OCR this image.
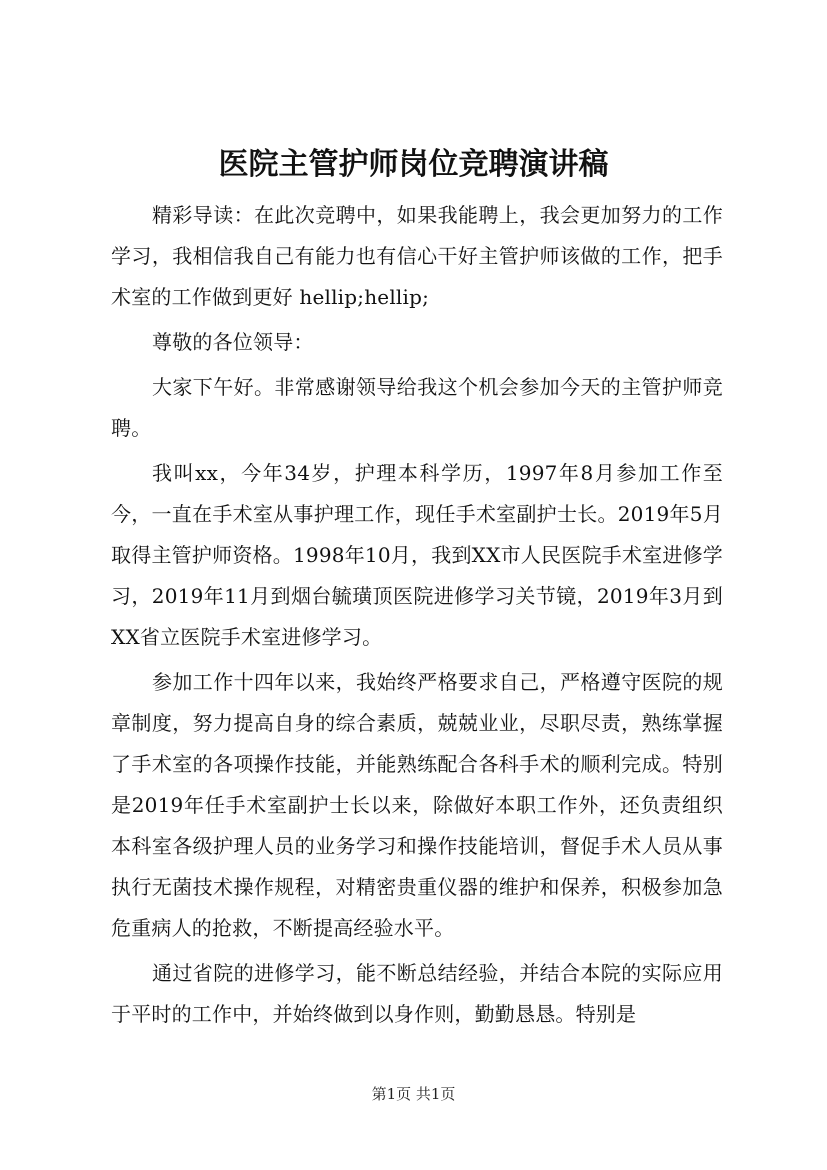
医院主管护师岗位竞聘演讲稿

精彩导读：在此次竞聘中，如果我能聘上，我会更加努力的工作学习，我相信我自己有能力也有信心干好主管护师该做的工作，把手术室的工作做到更好 hellip;hellip;

尊敬的各位领导：

大家下午好。非常感谢领导给我这个机会参加今天的主管护师竞聘。

我叫xx，今年34岁，护理本科学历，1997年8月参加工作至今，一直在手术室从事护理工作，现任手术室副护士长。2019年5月取得主管护师资格。1998年10月，我到XX市人民医院手术室进修学习，2019年11月到烟台毓璜顶医院进修学习关节镜，2019年3月到XX省立医院手术室进修学习。

参加工作十四年以来，我始终严格要求自己，严格遵守医院的规章制度，努力提高自身的综合素质，兢兢业业，尽职尽责，熟练掌握了手术室的各项操作技能，并能熟练配合各科手术的顺利完成。特别是2019年任手术室副护士长以来，除做好本职工作外，还负责组织本科室各级护理人员的业务学习和操作技能培训，督促手术人员从事执行无菌技术操作规程，对精密贵重仪器的维护和保养，积极参加急危重病人的抢救，不断提高经验水平。

通过省院的进修学习，能不断总结经验，并结合本院的实际应用于平时的工作中，并始终做到以身作则，勤勤恳恳。特别是

第1页 共1页
